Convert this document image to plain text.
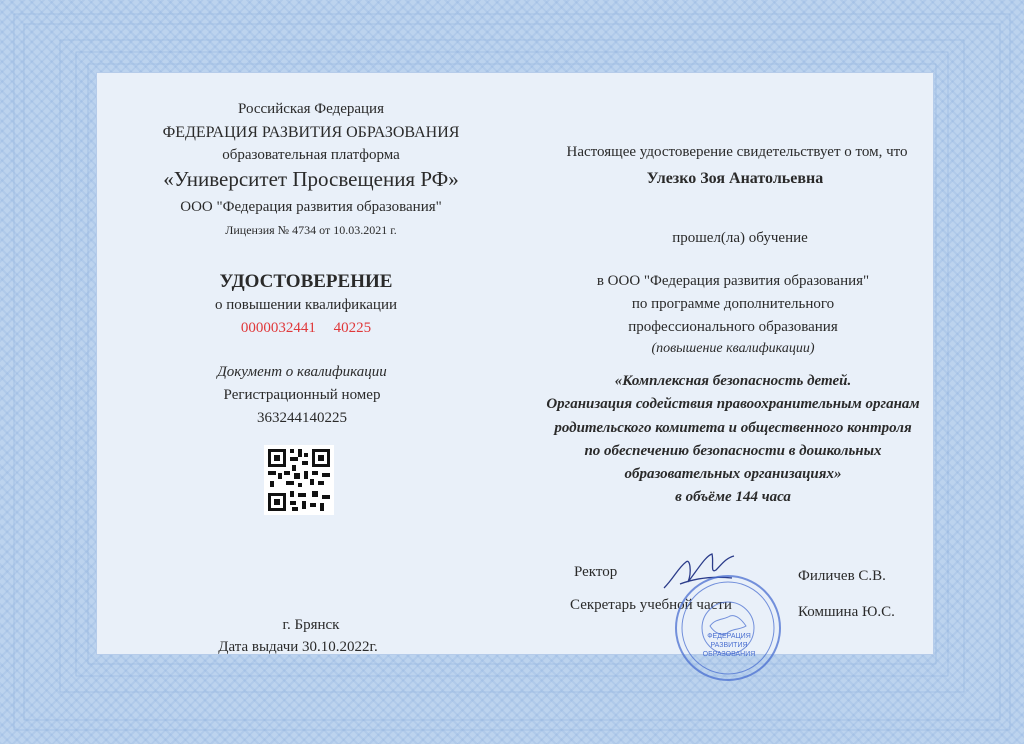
Российская Федерация
ФЕДЕРАЦИЯ РАЗВИТИЯ ОБРАЗОВАНИЯ
образовательная платформа
«Университет Просвещения РФ»
ООО "Федерация развития образования"
Лицензия № 4734 от 10.03.2021 г.
УДОСТОВЕРЕНИЕ
о повышении квалификации
0000032441 40225
Документ о квалификации
Регистрационный номер
363244140225
г. Брянск
Дата выдачи 30.10.2022г.
Настоящее удостоверение свидетельствует о том, что
Улезко Зоя Анатольевна
прошел(ла) обучение
в ООО "Федерация развития образования"
по программе дополнительного
профессионального образования
(повышение квалификации)
«Комплексная безопасность детей.
Организация содействия правоохранительным органам
родительского комитета и общественного контроля
по обеспечению безопасности в дошкольных
образовательных организациях»
в объёме 144 часа
Ректор	Филичев С.В.
Секретарь учебной части	Комшина Ю.С.
ФЕДЕРАЦИЯ РАЗВИТИЯ ОБРАЗОВАНИЯ
